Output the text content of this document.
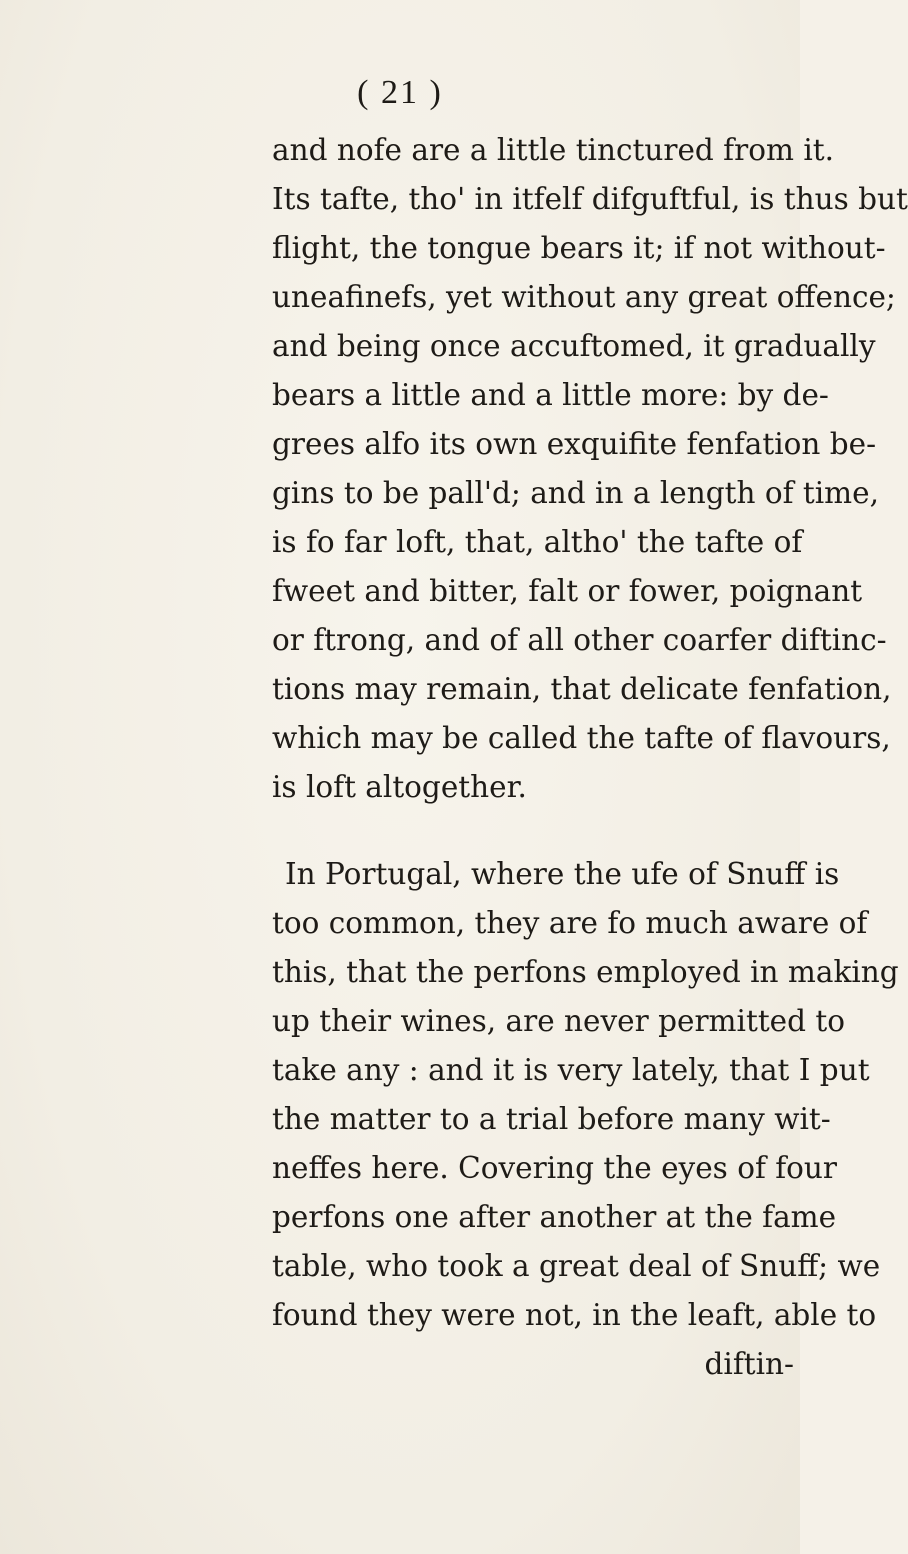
( 21 )
and nofe are a little tinctured from it.
Its tafte, tho' in itfelf difguftful, is thus but
flight, the tongue bears it; if not without-
uneafinefs, yet without any great offence;
and being once accuftomed, it gradually
bears a little and a little more: by de-
grees alfo its own exquifite fenfation be-
gins to be pall'd; and in a length of time,
is fo far loft, that, altho' the tafte of
fweet and bitter, falt or fower, poignant
or ftrong, and of all other coarfer diftinc-
tions may remain, that delicate fenfation,
which may be called the tafte of flavours,
is loft altogether.
In Portugal, where the ufe of Snuff is
too common, they are fo much aware of
this, that the perfons employed in making
up their wines, are never permitted to
take any : and it is very lately, that I put
the matter to a trial before many wit-
neffes here. Covering the eyes of four
perfons one after another at the fame
table, who took a great deal of Snuff; we
found they were not, in the leaft, able to
diftin-
